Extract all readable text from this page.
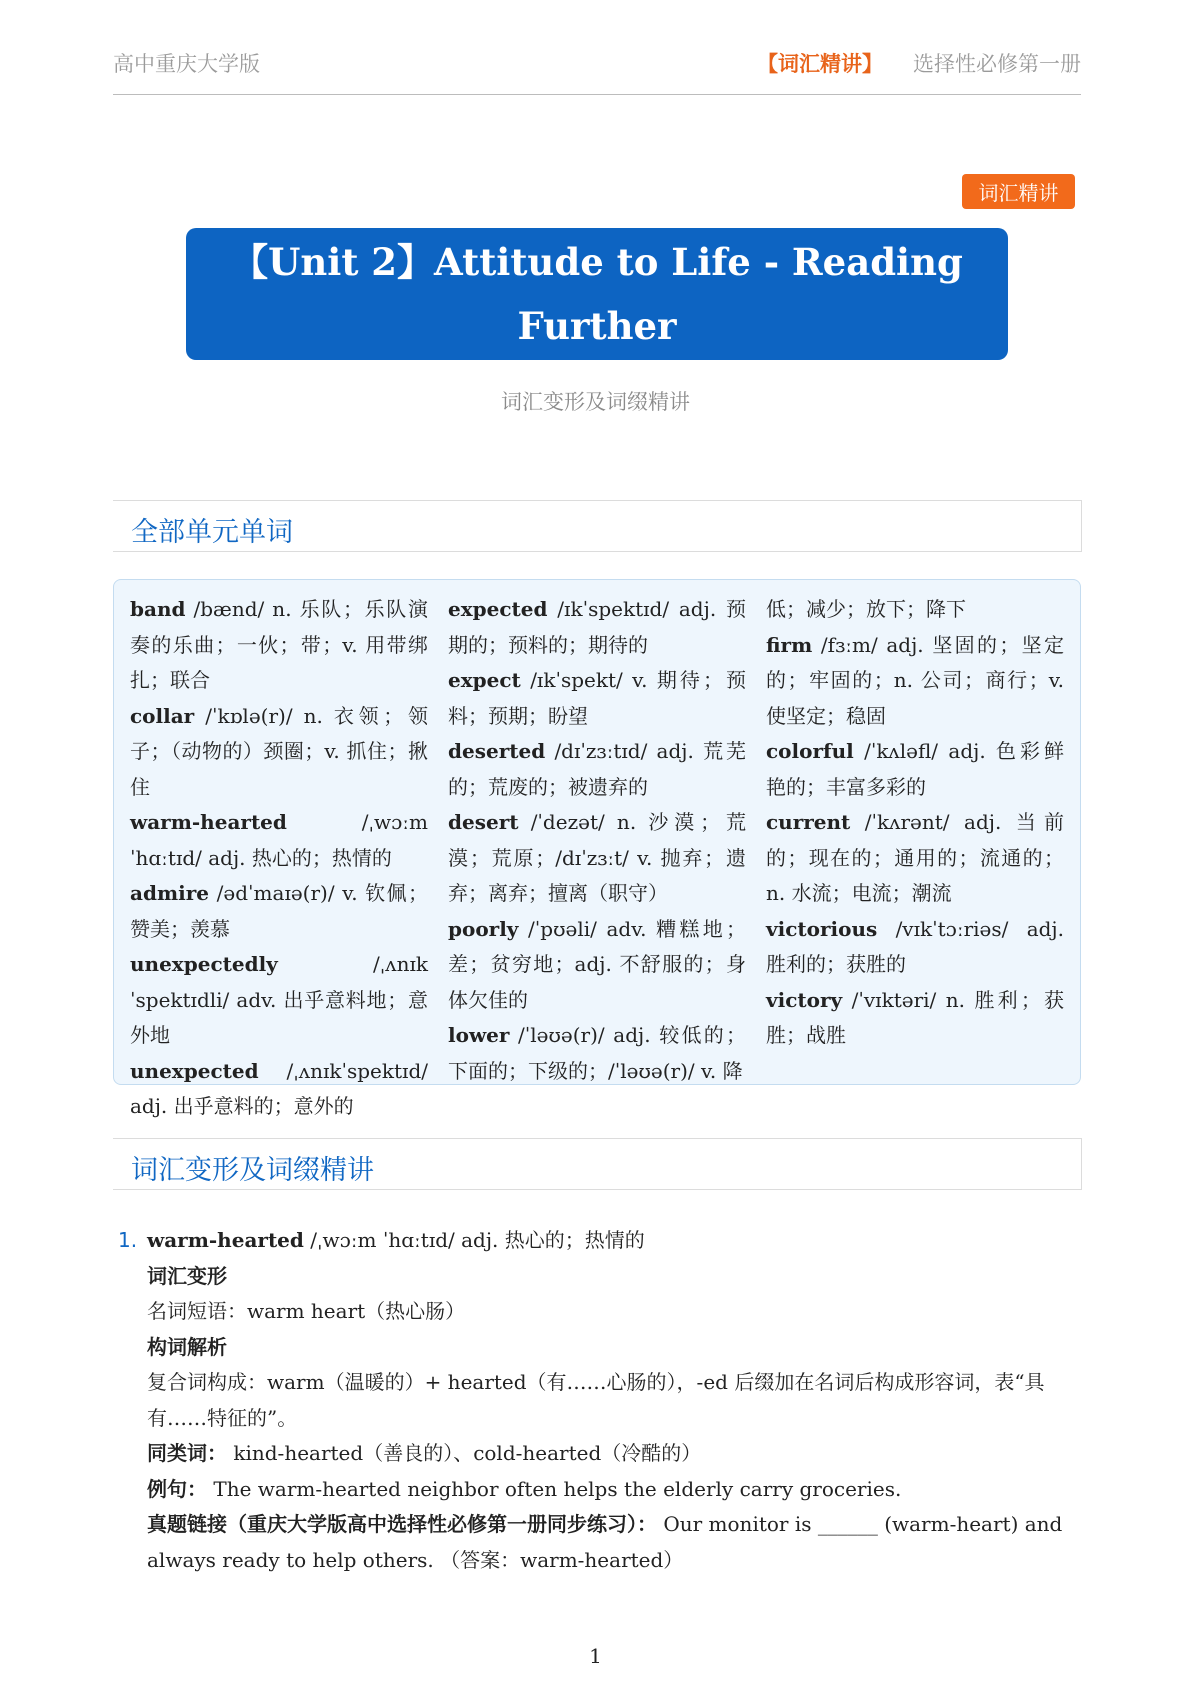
高中重庆大学版	【词汇精讲】 选择性必修第一册
词汇精讲
【Unit 2】Attitude to Life - Reading Further
词汇变形及词缀精讲
全部单元单词

band /bænd/ n. 乐队；乐队演奏的乐曲；一伙；带；v. 用带绑扎；联合

collar /ˈkɒlə(r)/ n. 衣领；领子；（动物的）颈圈；v. 抓住；揪住

warm-hearted /ˌwɔːm ˈhɑːtɪd/ adj. 热心的；热情的

admire /ədˈmaɪə(r)/ v. 钦佩；赞美；羡慕

unexpectedly /ˌʌnɪkˈspektɪdli/ adv. 出乎意料地；意外地

unexpected /ˌʌnɪkˈspektɪd/ adj. 出乎意料的；意外的

expected /ɪkˈspektɪd/ adj. 预期的；预料的；期待的

expect /ɪkˈspekt/ v. 期待；预料；预期；盼望

deserted /dɪˈzɜːtɪd/ adj. 荒芜的；荒废的；被遗弃的

desert /ˈdezət/ n. 沙漠；荒漠；荒原；/dɪˈzɜːt/ v. 抛弃；遗弃；离弃；擅离（职守）

poorly /ˈpʊəli/ adv. 糟糕地；差；贫穷地；adj. 不舒服的；身体欠佳的

lower /ˈləʊə(r)/ adj. 较低的；下面的；下级的；/ˈləʊə(r)/ v. 降

低；减少；放下；降下

firm /fɜːm/ adj. 坚固的；坚定的；牢固的；n. 公司；商行；v. 使坚定；稳固

colorful /ˈkʌləfl/ adj. 色彩鲜艳的；丰富多彩的

current /ˈkʌrənt/ adj. 当前的；现在的；通用的；流通的；n. 水流；电流；潮流

victorious /vɪkˈtɔːriəs/ adj. 胜利的；获胜的

victory /ˈvɪktəri/ n. 胜利；获胜；战胜

词汇变形及词缀精讲
1. warm-hearted /ˌwɔːm ˈhɑːtɪd/ adj. 热心的；热情的

词汇变形

名词短语：warm heart（热心肠）

构词解析

复合词构成：warm（温暖的）+ hearted（有……心肠的），-ed 后缀加在名词后构成形容词，表“具有……特征的”。

同类词： kind-hearted（善良的）、cold-hearted（冷酷的）

例句： The warm-hearted neighbor often helps the elderly carry groceries.

真题链接（重庆大学版高中选择性必修第一册同步练习）： Our monitor is ______ (warm-heart) and always ready to help others. （答案：warm-hearted）

1
